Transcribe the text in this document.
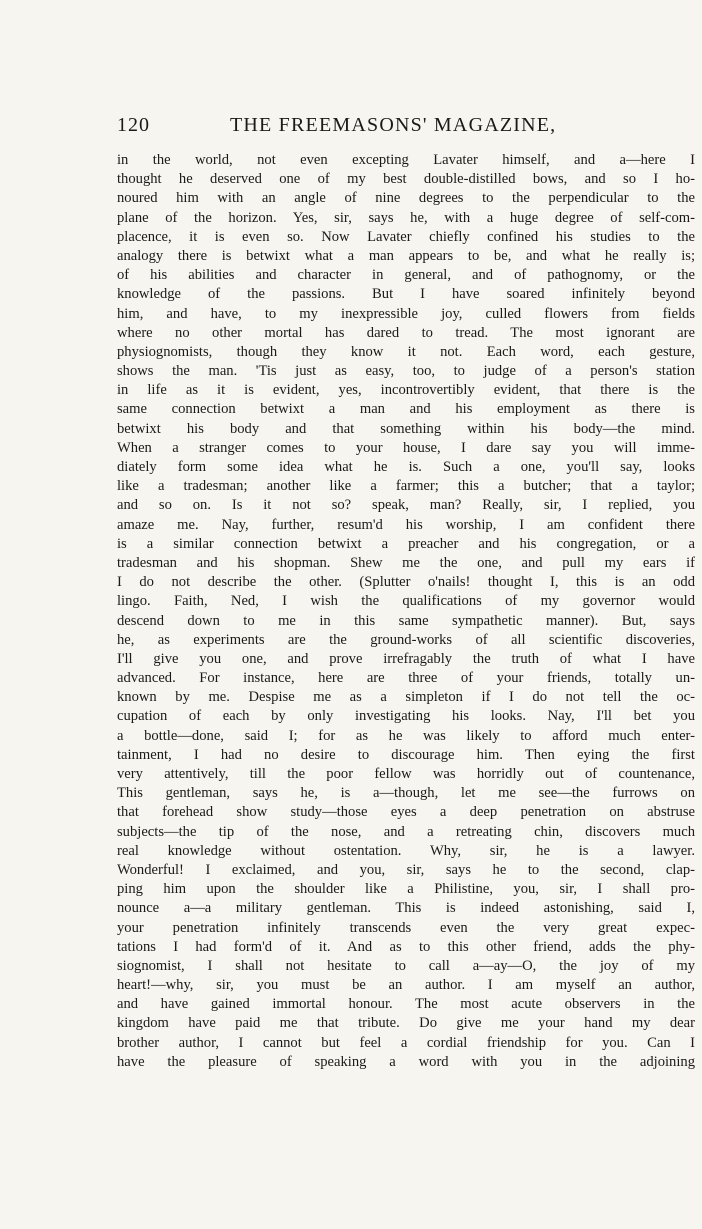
120	THE FREEMASONS' MAGAZINE,
in the world, not even excepting Lavater himself, and a—here I
thought he deserved one of my best double-distilled bows, and so I ho-
noured him with an angle of nine degrees to the perpendicular to the
plane of the horizon. Yes, sir, says he, with a huge degree of self-com-
placence, it is even so. Now Lavater chiefly confined his studies to the
analogy there is betwixt what a man appears to be, and what he really is;
of his abilities and character in general, and of pathognomy, or the
knowledge of the passions. But I have soared infinitely beyond
him, and have, to my inexpressible joy, culled flowers from fields
where no other mortal has dared to tread. The most ignorant are
physiognomists, though they know it not. Each word, each gesture,
shows the man. 'Tis just as easy, too, to judge of a person's station
in life as it is evident, yes, incontrovertibly evident, that there is the
same connection betwixt a man and his employment as there is
betwixt his body and that something within his body—the mind.
When a stranger comes to your house, I dare say you will imme-
diately form some idea what he is. Such a one, you'll say, looks
like a tradesman; another like a farmer; this a butcher; that a taylor;
and so on. Is it not so? speak, man? Really, sir, I replied, you
amaze me. Nay, further, resum'd his worship, I am confident there
is a similar connection betwixt a preacher and his congregation, or a
tradesman and his shopman. Shew me the one, and pull my ears if
I do not describe the other. (Splutter o'nails! thought I, this is an odd
lingo. Faith, Ned, I wish the qualifications of my governor would
descend down to me in this same sympathetic manner). But, says
he, as experiments are the ground-works of all scientific discoveries,
I'll give you one, and prove irrefragably the truth of what I have
advanced. For instance, here are three of your friends, totally un-
known by me. Despise me as a simpleton if I do not tell the oc-
cupation of each by only investigating his looks. Nay, I'll bet you
a bottle—done, said I; for as he was likely to afford much enter-
tainment, I had no desire to discourage him. Then eying the first
very attentively, till the poor fellow was horridly out of countenance,
This gentleman, says he, is a—though, let me see—the furrows on
that forehead show study—those eyes a deep penetration on abstruse
subjects—the tip of the nose, and a retreating chin, discovers much
real knowledge without ostentation. Why, sir, he is a lawyer.
Wonderful! I exclaimed, and you, sir, says he to the second, clap-
ping him upon the shoulder like a Philistine, you, sir, I shall pro-
nounce a—a military gentleman. This is indeed astonishing, said I,
your penetration infinitely transcends even the very great expec-
tations I had form'd of it. And as to this other friend, adds the phy-
siognomist, I shall not hesitate to call a—ay—O, the joy of my
heart!—why, sir, you must be an author. I am myself an author,
and have gained immortal honour. The most acute observers in the
kingdom have paid me that tribute. Do give me your hand my dear
brother author, I cannot but feel a cordial friendship for you. Can I
have the pleasure of speaking a word with you in the adjoining
